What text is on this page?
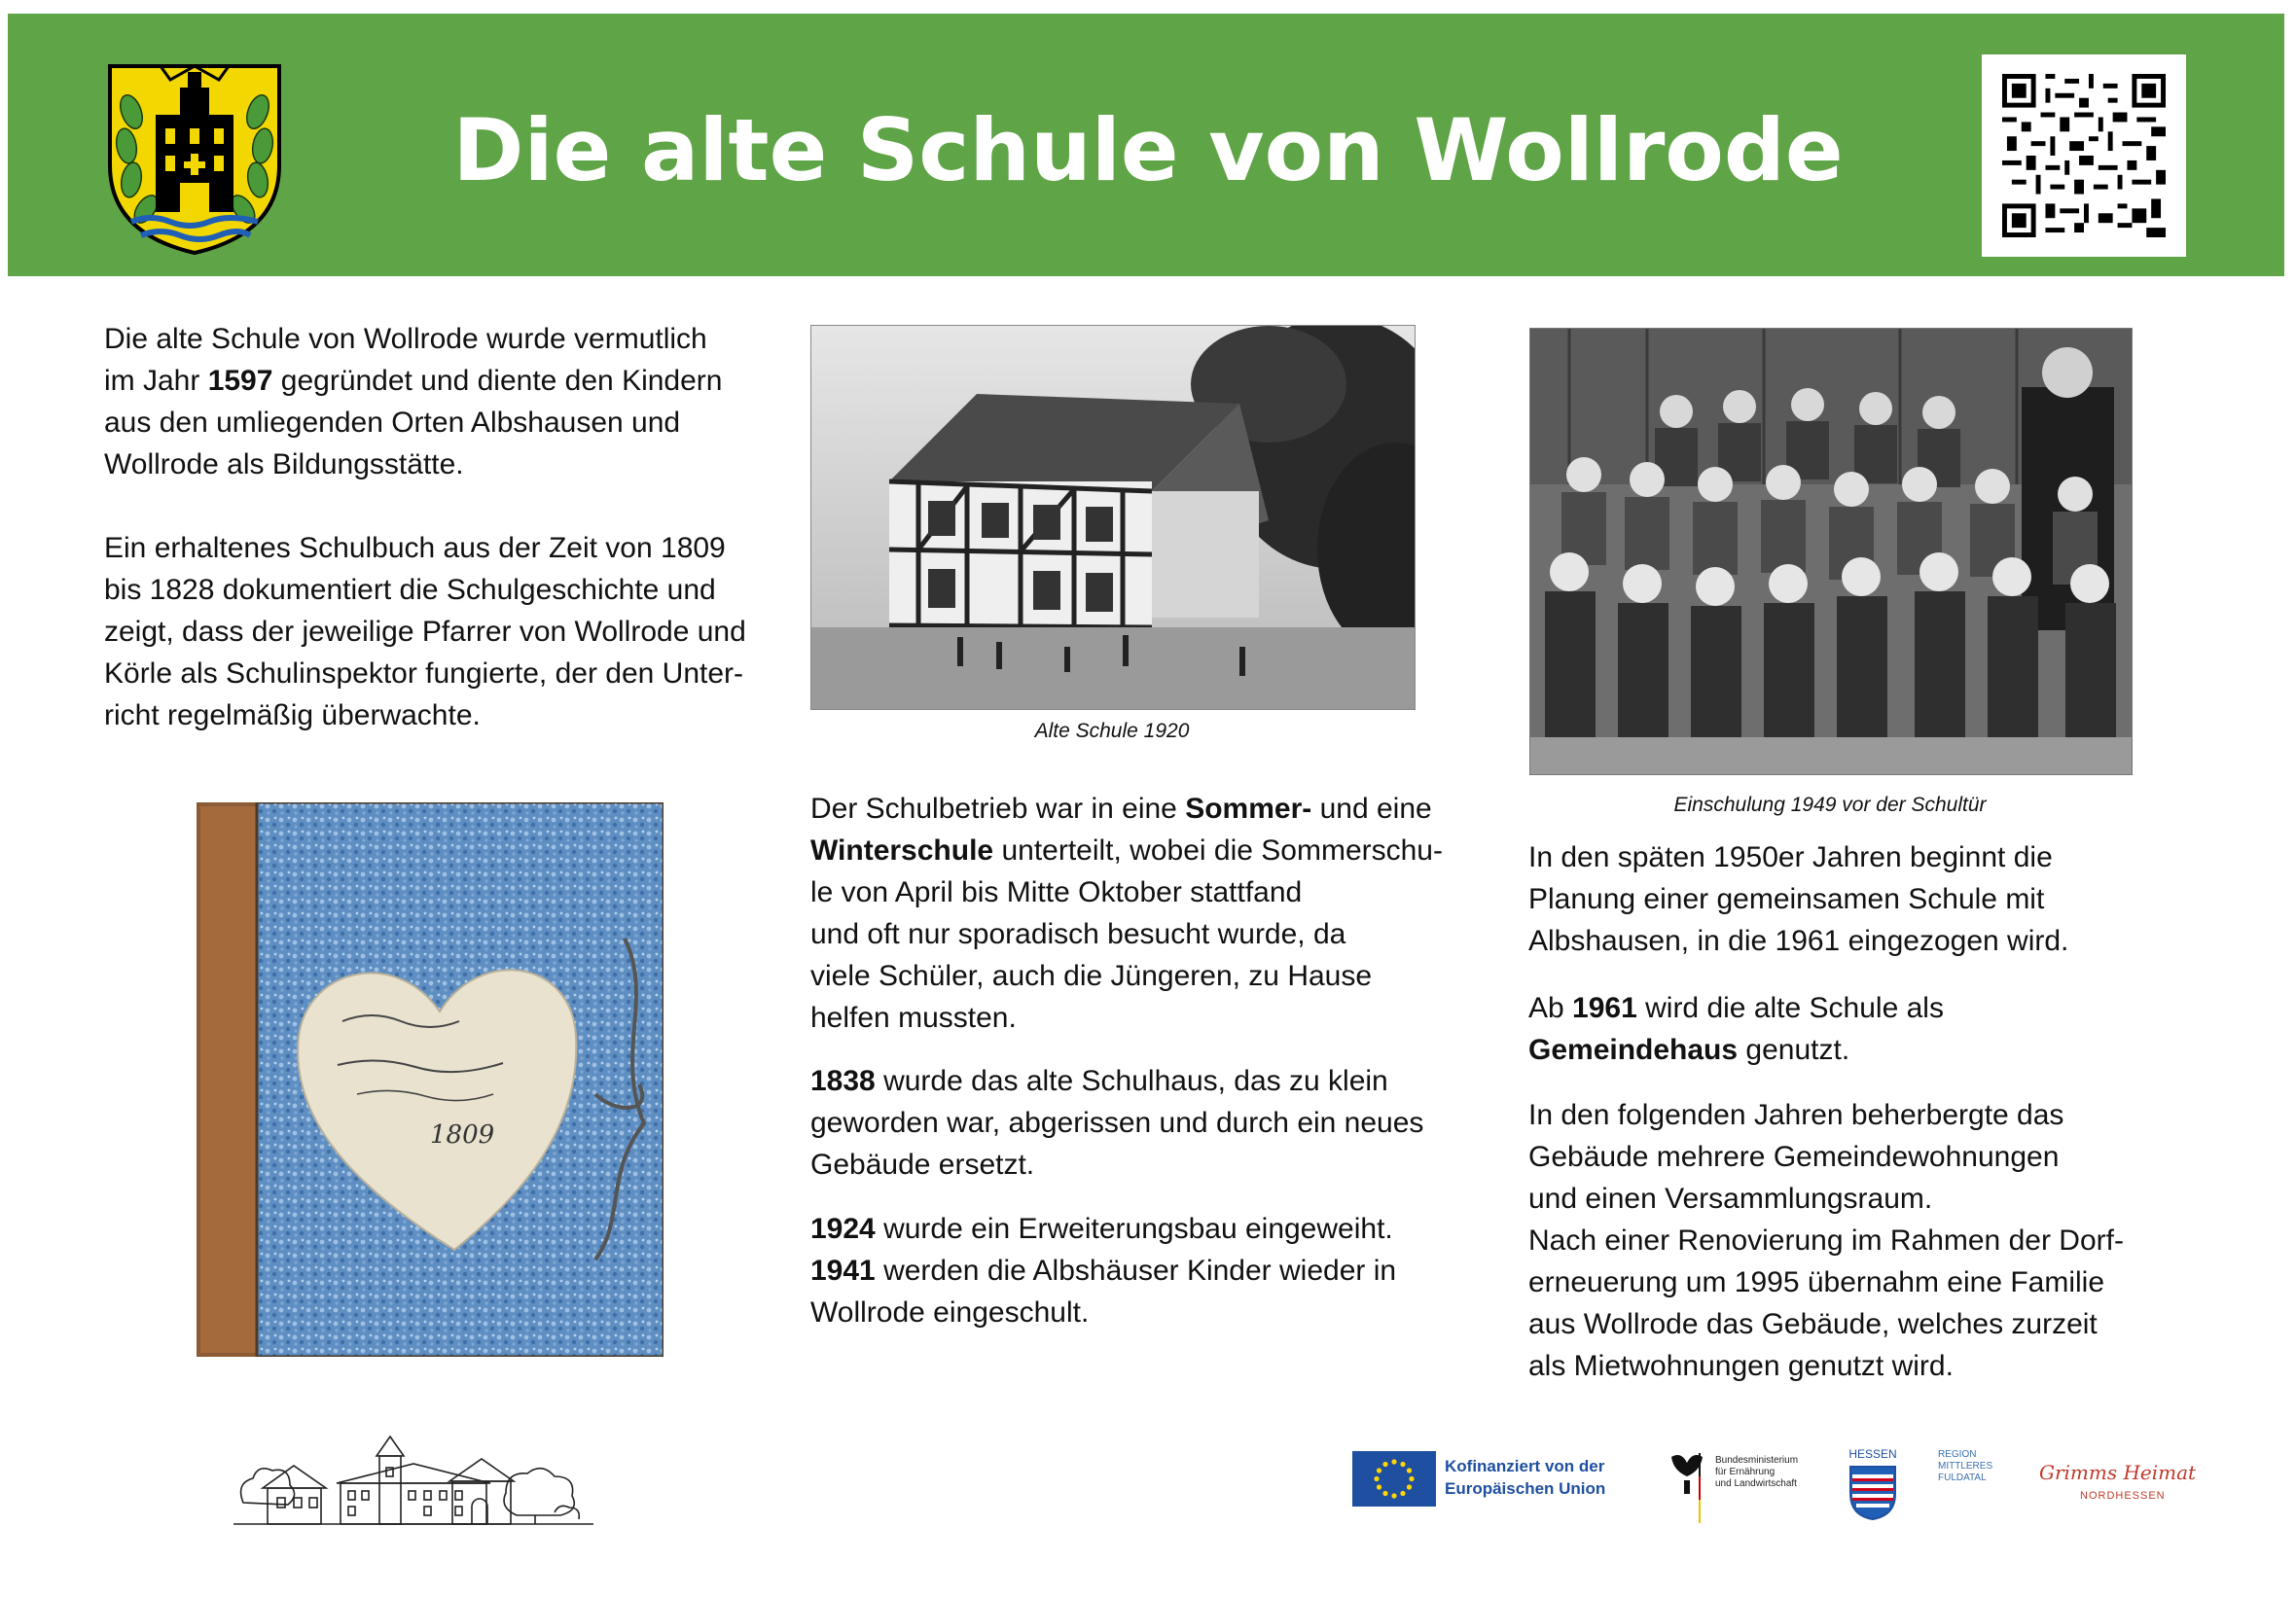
Die alte Schule von Wollrode

Die alte Schule von Wollrode wurde vermutlich
im Jahr 1597 gegründet und diente den Kindern
aus den umliegenden Orten Albshausen und
Wollrode als Bildungsstätte.

Ein erhaltenes Schulbuch aus der Zeit von 1809
bis 1828 dokumentiert die Schulgeschichte und
zeigt, dass der jeweilige Pfarrer von Wollrode und
Körle als Schulinspektor fungierte, der den Unter-
richt regelmäßig überwachte.

1809
Alte Schule 1920

Der Schulbetrieb war in eine Sommer- und eine
Winterschule unterteilt, wobei die Sommerschu-
le von April bis Mitte Oktober stattfand
und oft nur sporadisch besucht wurde, da
viele Schüler, auch die Jüngeren, zu Hause
helfen mussten.

1838 wurde das alte Schulhaus, das zu klein
geworden war, abgerissen und durch ein neues
Gebäude ersetzt.

1924 wurde ein Erweiterungsbau eingeweiht.
1941 werden die Albshäuser Kinder wieder in
Wollrode eingeschult.

Einschulung 1949 vor der Schultür

In den späten 1950er Jahren beginnt die
Planung einer gemeinsamen Schule mit
Albshausen, in die 1961 eingezogen wird.

Ab 1961 wird die alte Schule als
Gemeindehaus genutzt.

In den folgenden Jahren beherbergte das
Gebäude mehrere Gemeindewohnungen
und einen Versammlungsraum.
Nach einer Renovierung im Rahmen der Dorf-
erneuerung um 1995 übernahm eine Familie
aus Wollrode das Gebäude, welches zurzeit
als Mietwohnungen genutzt wird.

Kofinanziert von der
Europäischen Union
Bundesministerium
für Ernährung
und Landwirtschaft
HESSEN	REGION
MITTLERES
FULDATAL	Grimms Heimat
NORDHESSEN
